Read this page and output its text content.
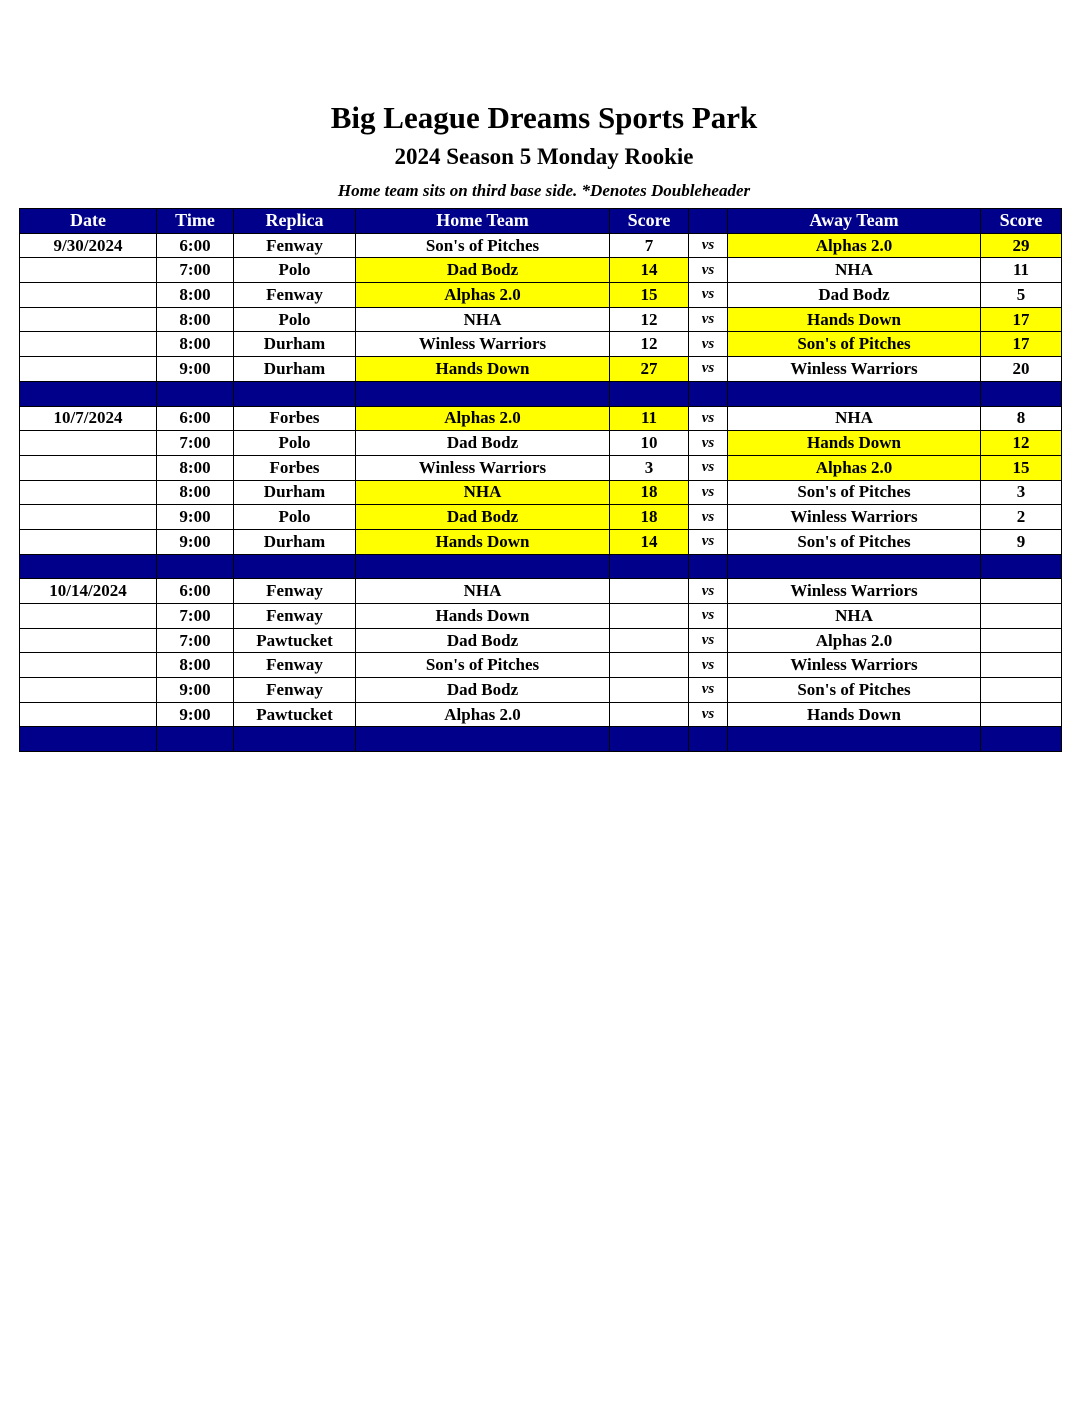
Big League Dreams Sports Park
2024 Season 5 Monday Rookie
Home team sits on third base side. *Denotes Doubleheader
Date	Time	Replica	Home Team	Score		Away Team	Score
9/30/2024	6:00	Fenway	Son's of Pitches	7	vs	Alphas 2.0	29
	7:00	Polo	Dad Bodz	14	vs	NHA	11
	8:00	Fenway	Alphas 2.0	15	vs	Dad Bodz	5
	8:00	Polo	NHA	12	vs	Hands Down	17
	8:00	Durham	Winless Warriors	12	vs	Son's of Pitches	17
	9:00	Durham	Hands Down	27	vs	Winless Warriors	20

10/7/2024	6:00	Forbes	Alphas 2.0	11	vs	NHA	8
	7:00	Polo	Dad Bodz	10	vs	Hands Down	12
	8:00	Forbes	Winless Warriors	3	vs	Alphas 2.0	15
	8:00	Durham	NHA	18	vs	Son's of Pitches	3
	9:00	Polo	Dad Bodz	18	vs	Winless Warriors	2
	9:00	Durham	Hands Down	14	vs	Son's of Pitches	9

10/14/2024	6:00	Fenway	NHA		vs	Winless Warriors	
	7:00	Fenway	Hands Down		vs	NHA	
	7:00	Pawtucket	Dad Bodz		vs	Alphas 2.0	
	8:00	Fenway	Son's of Pitches		vs	Winless Warriors	
	9:00	Fenway	Dad Bodz		vs	Son's of Pitches	
	9:00	Pawtucket	Alphas 2.0		vs	Hands Down	
